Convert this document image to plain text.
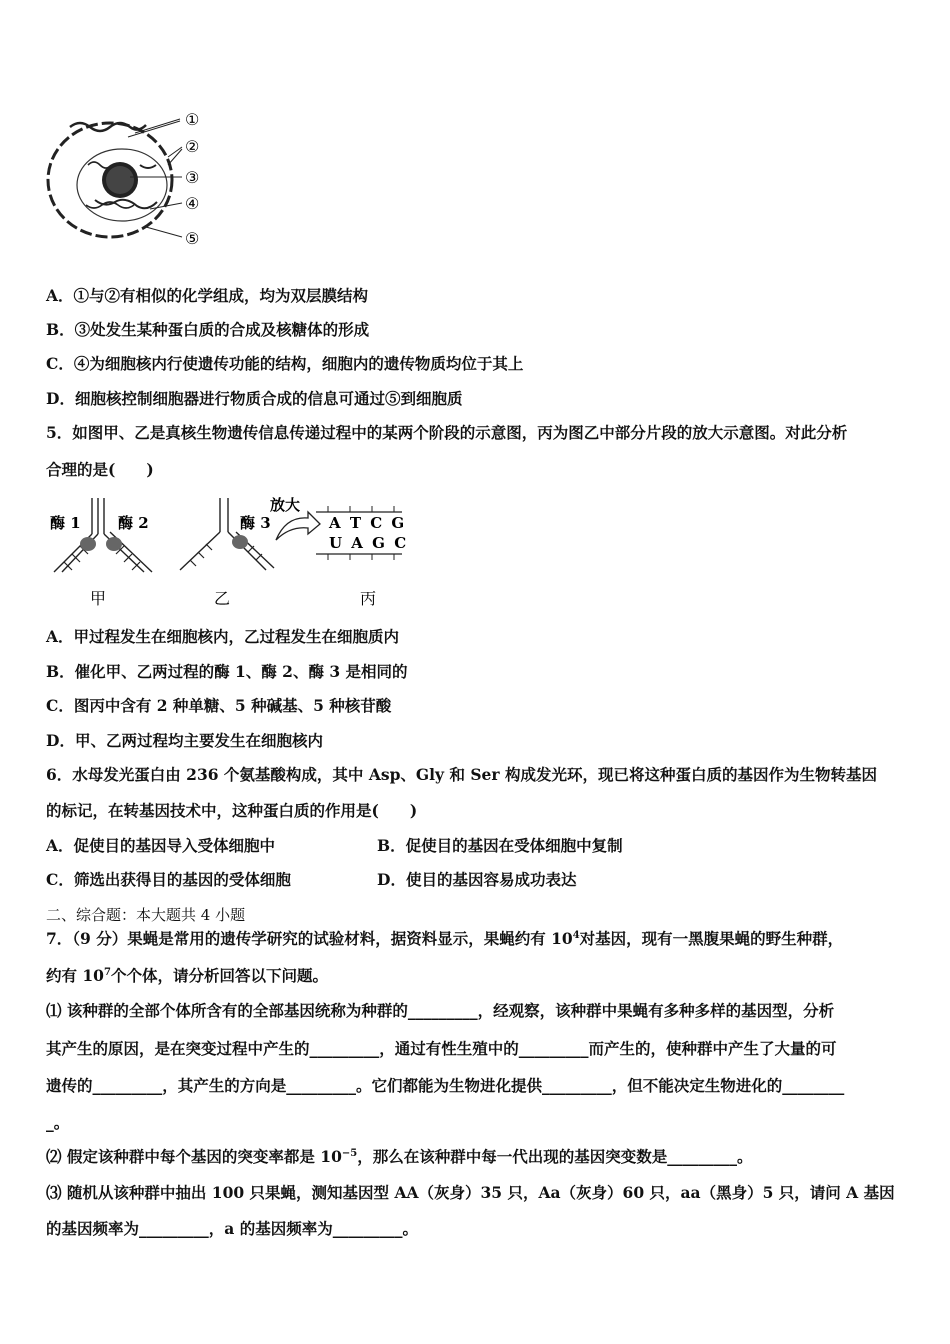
①
②
③
④
⑤
A．①与②有相似的化学组成，均为双层膜结构
B．③处发生某种蛋白质的合成及核糖体的形成
C．④为细胞核内行使遗传功能的结构，细胞内的遗传物质均位于其上
D．细胞核控制细胞器进行物质合成的信息可通过⑤到细胞质
5．如图甲、乙是真核生物遗传信息传递过程中的某两个阶段的示意图，丙为图乙中部分片段的放大示意图。对此分析
合理的是(　　)
酶 1 酶 2
甲
酶 3
乙
放大
A T C G
U A G C
丙
A．甲过程发生在细胞核内，乙过程发生在细胞质内
B．催化甲、乙两过程的酶 1、酶 2、酶 3 是相同的
C．图丙中含有 2 种单糖、5 种碱基、5 种核苷酸
D．甲、乙两过程均主要发生在细胞核内
6．水母发光蛋白由 236 个氨基酸构成，其中 Asp、Gly 和 Ser 构成发光环，现已将这种蛋白质的基因作为生物转基因
的标记，在转基因技术中，这种蛋白质的作用是(　　)
A．促使目的基因导入受体细胞中	B．促使目的基因在受体细胞中复制
C．筛选出获得目的基因的受体细胞	D．使目的基因容易成功表达
二、综合题：本大题共 4 小题
7．（9 分）果蝇是常用的遗传学研究的试验材料，据资料显示，果蝇约有 $10^4$对基因，现有一黑腹果蝇的野生种群，
约有 $10^7$个个体，请分析回答以下问题。
⑴ 该种群的全部个体所含有的全部基因统称为种群的_________，经观察，该种群中果蝇有多种多样的基因型，分析
其产生的原因，是在突变过程中产生的_________，通过有性生殖中的_________而产生的，使种群中产生了大量的可
遗传的_________，其产生的方向是_________。它们都能为生物进化提供_________，但不能决定生物进化的________
_。
⑵ 假定该种群中每个基因的突变率都是 $10^{-5}$，那么在该种群中每一代出现的基因突变数是_________。
⑶ 随机从该种群中抽出 100 只果蝇，测知基因型 AA（灰身）35 只，Aa（灰身）60 只，aa（黑身）5 只，请问 A 基因
的基因频率为_________，a 的基因频率为_________。
